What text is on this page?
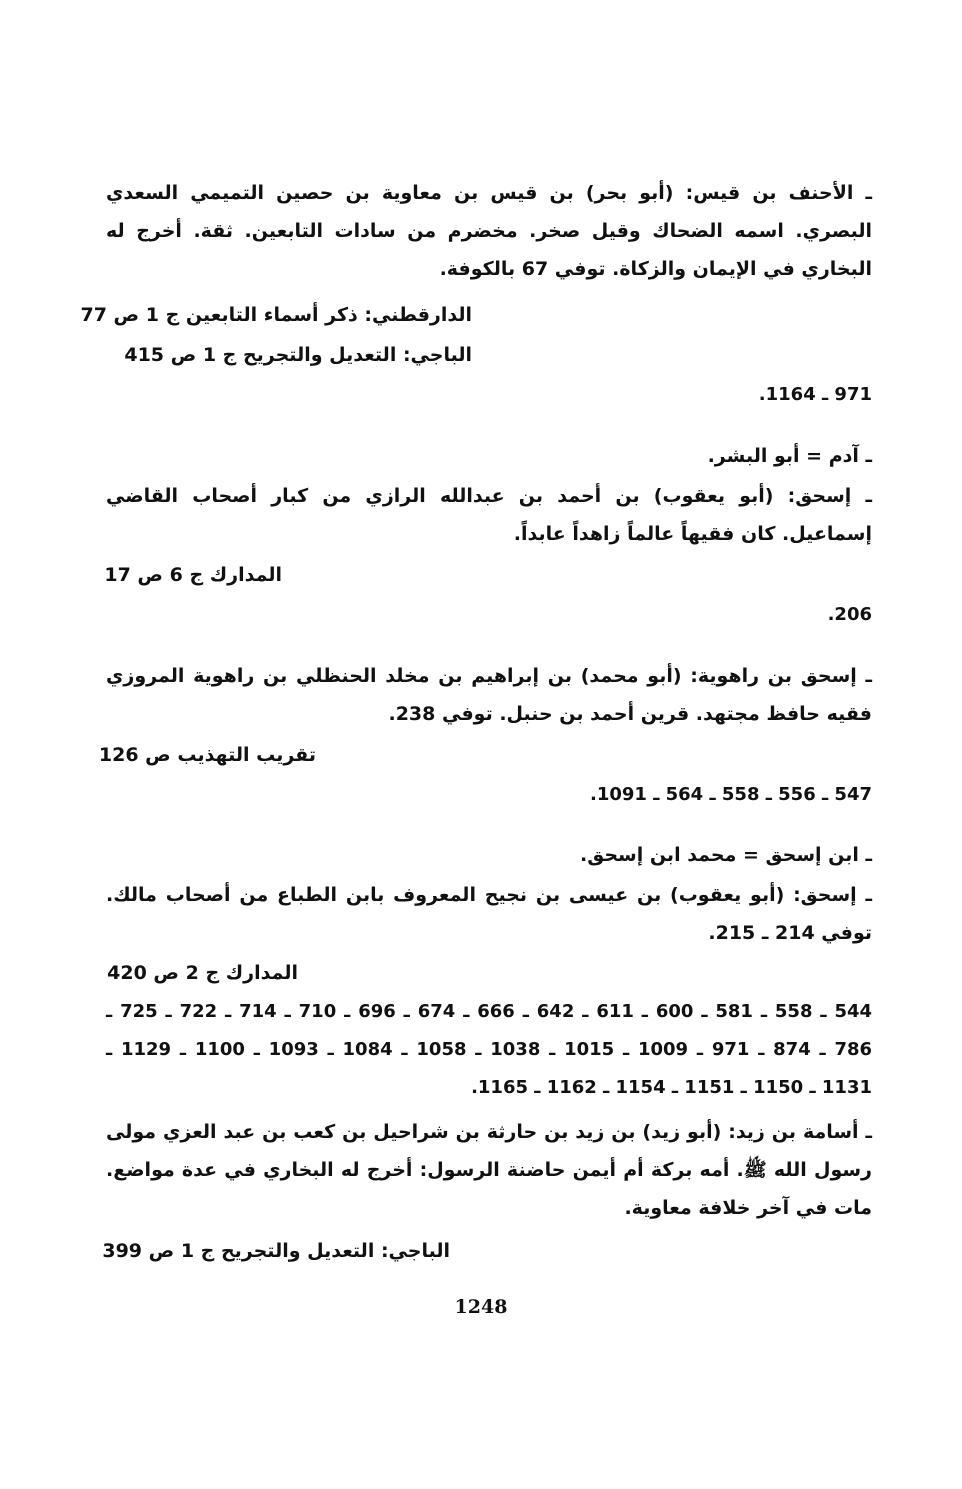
ـ الأحنف بن قيس: (أبو بحر) بن قيس بن معاوية بن حصين التميمي السعدي البصري. اسمه الضحاك وقيل صخر. مخضرم من سادات التابعين. ثقة. أخرج له البخاري في الإيمان والزكاة. توفي 67 بالكوفة.
الدارقطني: ذكر أسماء التابعين ج 1 ص 77
الباجي: التعديل والتجريح ج 1 ص 415
971 ـ 1164.
ـ آدم = أبو البشر.
ـ إسحق: (أبو يعقوب) بن أحمد بن عبدالله الرازي من كبار أصحاب القاضي إسماعيل. كان فقيهاً عالماً زاهداً عابداً.
المدارك ج 6 ص 17
206.
ـ إسحق بن راهوية: (أبو محمد) بن إبراهيم بن مخلد الحنظلي بن راهوية المروزي فقيه حافظ مجتهد. قرين أحمد بن حنبل. توفي 238.
تقريب التهذيب ص 126
547 ـ 556 ـ 558 ـ 564 ـ 1091.
ـ ابن إسحق = محمد ابن إسحق.
ـ إسحق: (أبو يعقوب) بن عيسى بن نجيح المعروف بابن الطباع من أصحاب مالك. توفي 214 ـ 215.
المدارك ج 2 ص 420
544 ـ 558 ـ 581 ـ 600 ـ 611 ـ 642 ـ 666 ـ 674 ـ 696 ـ 710 ـ 714 ـ 722 ـ 725 ـ 786 ـ 874 ـ 971 ـ 1009 ـ 1015 ـ 1038 ـ 1058 ـ 1084 ـ 1093 ـ 1100 ـ 1129 ـ 1131 ـ 1150 ـ 1151 ـ 1154 ـ 1162 ـ 1165.
ـ أسامة بن زيد: (أبو زيد) بن زيد بن حارثة بن شراحيل بن كعب بن عبد العزي مولى رسول الله ﷺ. أمه بركة أم أيمن حاضنة الرسول: أخرج له البخاري في عدة مواضع. مات في آخر خلافة معاوية.
الباجي: التعديل والتجريح ج 1 ص 399
1248
